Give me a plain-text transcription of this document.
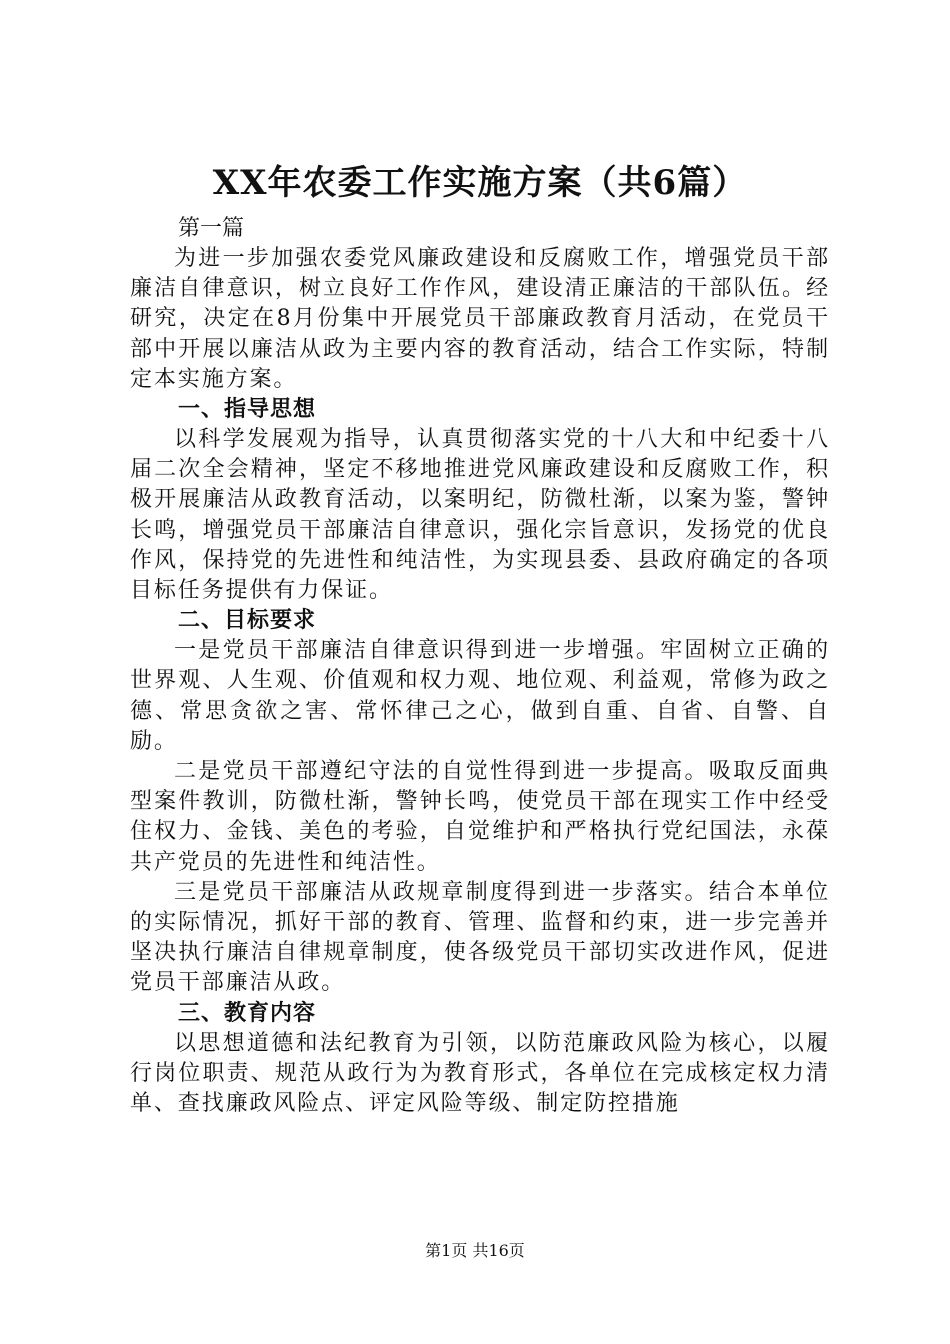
XX年农委工作实施方案（共6篇）

第一篇

为进一步加强农委党风廉政建设和反腐败工作，增强党员干部廉洁自律意识，树立良好工作作风，建设清正廉洁的干部队伍。经研究，决定在8月份集中开展党员干部廉政教育月活动，在党员干部中开展以廉洁从政为主要内容的教育活动，结合工作实际，特制定本实施方案。

一、指导思想

以科学发展观为指导，认真贯彻落实党的十八大和中纪委十八届二次全会精神，坚定不移地推进党风廉政建设和反腐败工作，积极开展廉洁从政教育活动，以案明纪，防微杜渐，以案为鉴，警钟长鸣，增强党员干部廉洁自律意识，强化宗旨意识，发扬党的优良作风，保持党的先进性和纯洁性，为实现县委、县政府确定的各项目标任务提供有力保证。

二、目标要求

一是党员干部廉洁自律意识得到进一步增强。牢固树立正确的世界观、人生观、价值观和权力观、地位观、利益观，常修为政之德、常思贪欲之害、常怀律己之心，做到自重、自省、自警、自励。

二是党员干部遵纪守法的自觉性得到进一步提高。吸取反面典型案件教训，防微杜渐，警钟长鸣，使党员干部在现实工作中经受住权力、金钱、美色的考验，自觉维护和严格执行党纪国法，永葆共产党员的先进性和纯洁性。

三是党员干部廉洁从政规章制度得到进一步落实。结合本单位的实际情况，抓好干部的教育、管理、监督和约束，进一步完善并坚决执行廉洁自律规章制度，使各级党员干部切实改进作风，促进党员干部廉洁从政。

三、教育内容

以思想道德和法纪教育为引领，以防范廉政风险为核心，以履行岗位职责、规范从政行为为教育形式，各单位在完成核定权力清单、查找廉政风险点、评定风险等级、制定防控措施

第1页 共16页
